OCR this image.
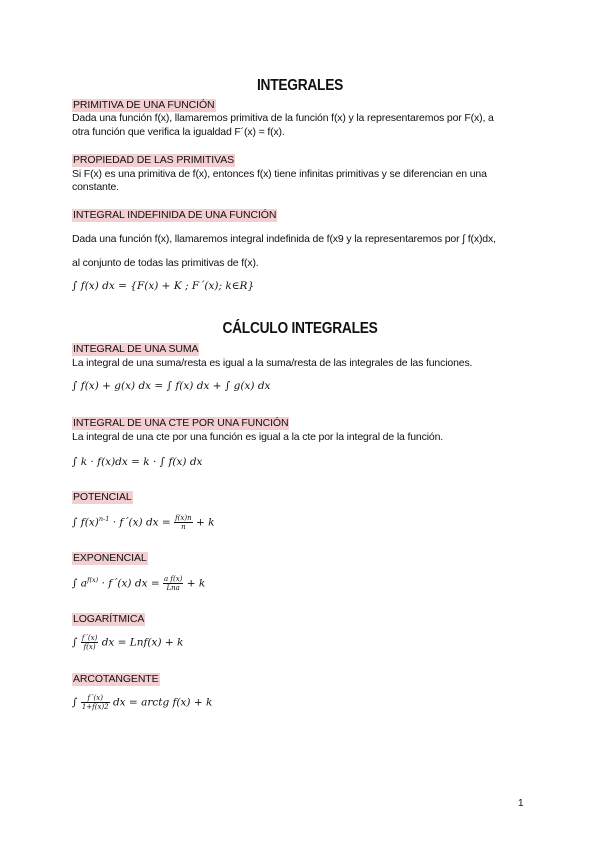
INTEGRALES
PRIMITIVA DE UNA FUNCIÓN
Dada una función f(x), llamaremos primitiva de la función f(x) y la representaremos por F(x), a
otra función que verifica la igualdad F´(x) = f(x).
PROPIEDAD DE LAS PRIMITIVAS
Si F(x) es una primitiva de f(x), entonces f(x) tiene infinitas primitivas y se diferencian en una
constante.
INTEGRAL INDEFINIDA DE UNA FUNCIÓN
Dada una función f(x), llamaremos integral indefinida de f(x9 y la representaremos por ∫ f(x)dx,
al conjunto de todas las primitivas de f(x).
∫ f(x) dx = {F(x) + K ; F´(x); k∈R}
CÁLCULO INTEGRALES
INTEGRAL DE UNA SUMA
La integral de una suma/resta es igual a la suma/resta de las integrales de las funciones.
∫ f(x) + g(x) dx = ∫ f(x) dx + ∫ g(x) dx
INTEGRAL DE UNA CTE POR UNA FUNCIÓN
La integral de una cte por una función es igual a la cte por la integral de la función.
∫ k · f(x)dx = k · ∫ f(x) dx
POTENCIAL
∫ $f(x)^{n-1}$ · f´(x) dx = $\frac{f(x)n}{n} + k$
EXPONENCIAL
∫ $a^{f(x)}$ · f´(x) dx = $\frac{\text{a f(x)}}{\text{Lna}} + k$
LOGARÍTMICA
∫ $\frac{f´(x)}{f(x)}$ dx = Lnf(x) + k
ARCOTANGENTE
∫ $\frac{f´(x)}{1+f(x)2}$ dx = arctg f(x) + k
1
